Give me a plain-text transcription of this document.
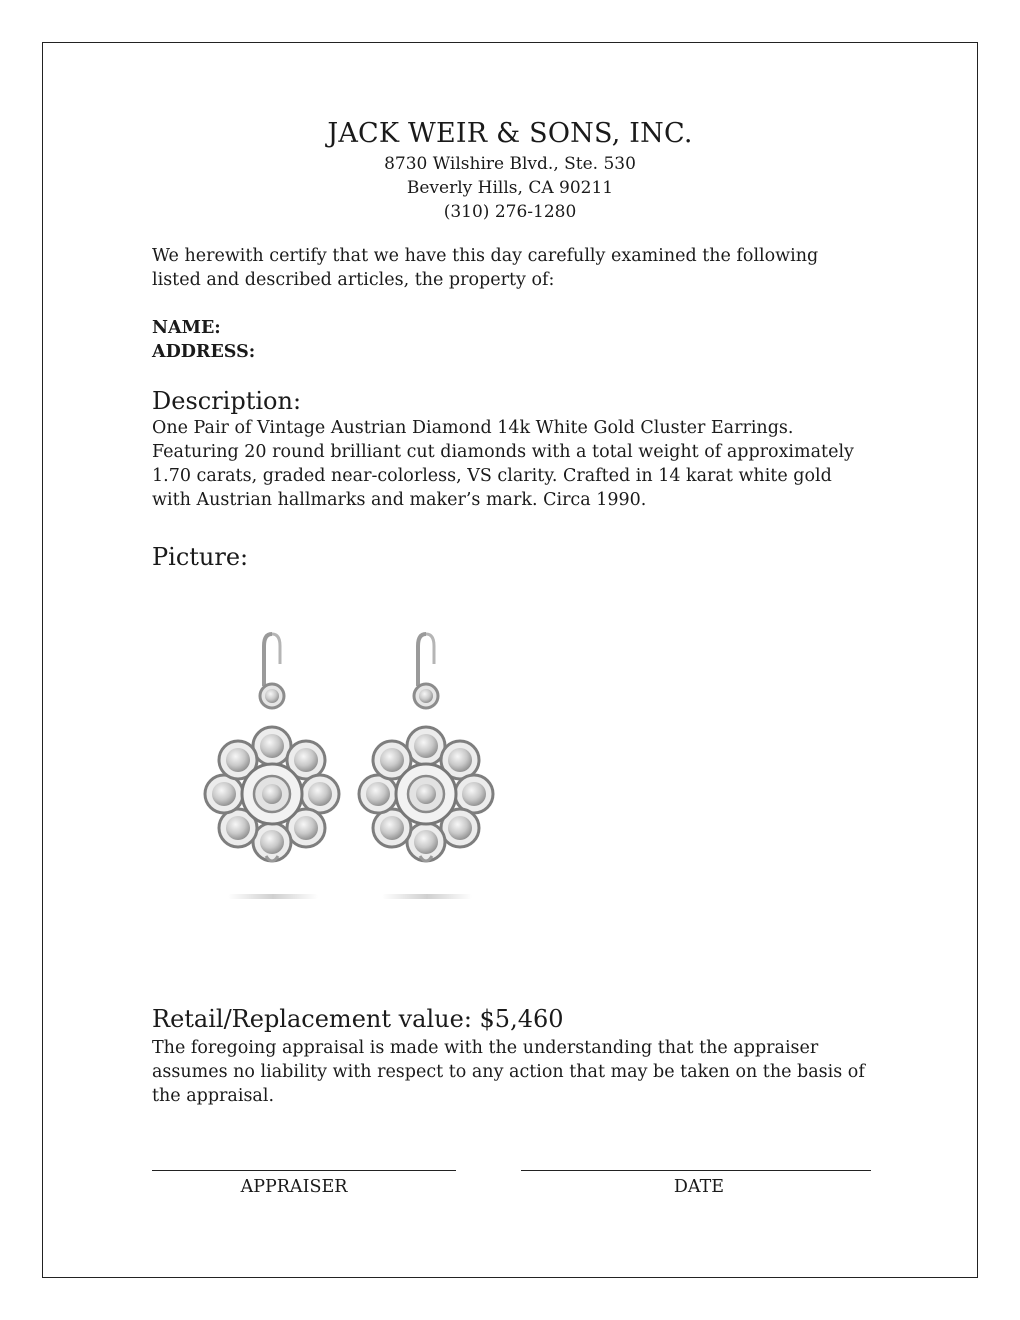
JACK WEIR & SONS, INC.
8730 Wilshire Blvd., Ste. 530
Beverly Hills, CA 90211
(310) 276-1280
We herewith certify that we have this day carefully examined the following listed and described articles, the property of:
NAME:
ADDRESS:
Description:
One Pair of Vintage Austrian Diamond 14k White Gold Cluster Earrings. Featuring 20 round brilliant cut diamonds with a total weight of approximately 1.70 carats, graded near-colorless, VS clarity. Crafted in 14 karat white gold with Austrian hallmarks and maker’s mark. Circa 1990.
Picture:
Retail/Replacement value: $5,460
The foregoing appraisal is made with the understanding that the appraiser assumes no liability with respect to any action that may be taken on the basis of the appraisal.
APPRAISER	DATE
